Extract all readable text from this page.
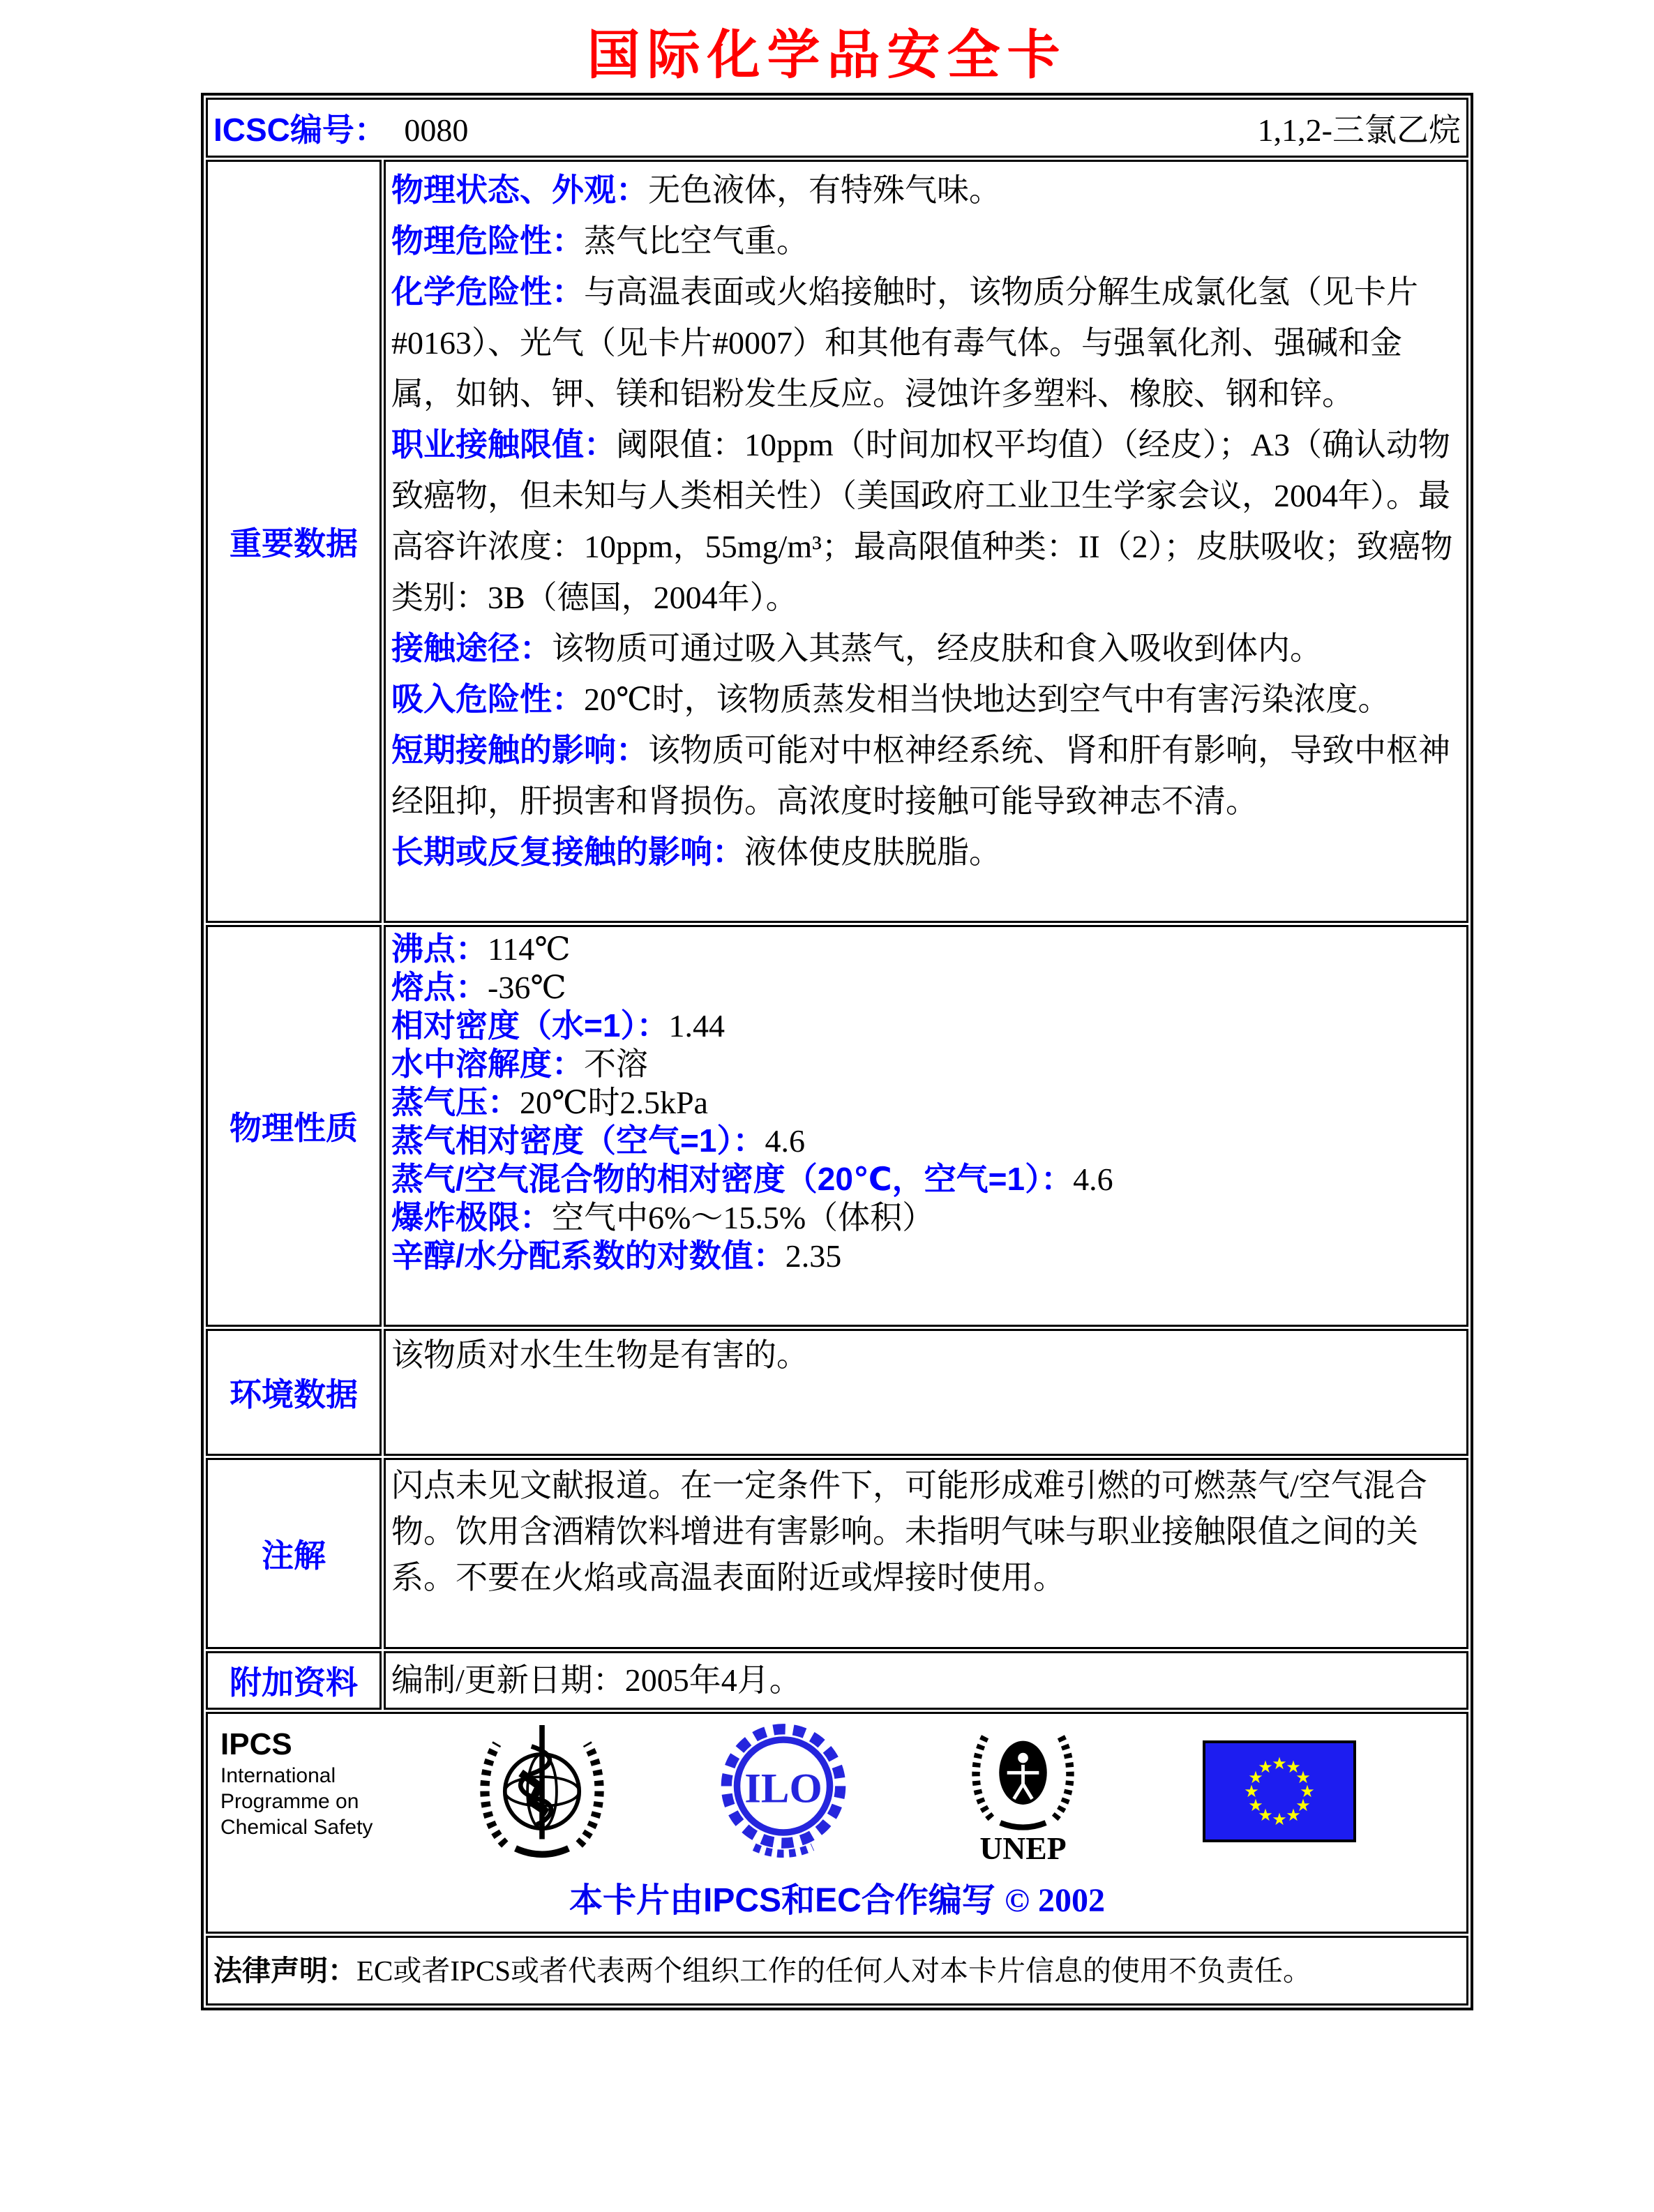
国际化学品安全卡
ICSC编号： 0080 1,1,2-三氯乙烷	

重要数据	
物理状态、外观：无色液体，有特殊气味。
物理危险性：蒸气比空气重。
化学危险性：与高温表面或火焰接触时，该物质分解生成氯化氢（见卡片#0163）、光气（见卡片#0007）和其他有毒气体。与强氧化剂、强碱和金属，如钠、钾、镁和铝粉发生反应。浸蚀许多塑料、橡胶、钢和锌。
职业接触限值：阈限值：10ppm（时间加权平均值）（经皮）；A3（确认动物致癌物，但未知与人类相关性）（美国政府工业卫生学家会议，2004年）。最高容许浓度：10ppm，55mg/m³；最高限值种类：II（2）；皮肤吸收；致癌物类别：3B（德国，2004年）。
接触途径：该物质可通过吸入其蒸气，经皮肤和食入吸收到体内。
吸入危险性：20℃时，该物质蒸发相当快地达到空气中有害污染浓度。
短期接触的影响：该物质可能对中枢神经系统、肾和肝有影响，导致中枢神经阻抑，肝损害和肾损伤。高浓度时接触可能导致神志不清。
长期或反复接触的影响：液体使皮肤脱脂。

物理性质	
沸点：114℃
熔点：-36℃
相对密度（水=1）：1.44
水中溶解度：不溶
蒸气压：20℃时2.5kPa
蒸气相对密度（空气=1）：4.6
蒸气/空气混合物的相对密度（20℃，空气=1）：4.6
爆炸极限：空气中6%～15.5%（体积）
辛醇/水分配系数的对数值：2.35

环境数据	该物质对水生生物是有害的。
注解	闪点未见文献报道。在一定条件下，可能形成难引燃的可燃蒸气/空气混合物。饮用含酒精饮料增进有害影响。未指明气味与职业接触限值之间的关系。不要在火焰或高温表面附近或焊接时使用。
附加资料	编制/更新日期：2005年4月。

IPCS
International
Programme on
Chemical Safety
ILO
UNEP
★
★
★
★
★
★
★
★
★
★
★
★
本卡片由IPCS和EC合作编写 © 2002

法律声明：EC或者IPCS或者代表两个组织工作的任何人对本卡片信息的使用不负责任。	
